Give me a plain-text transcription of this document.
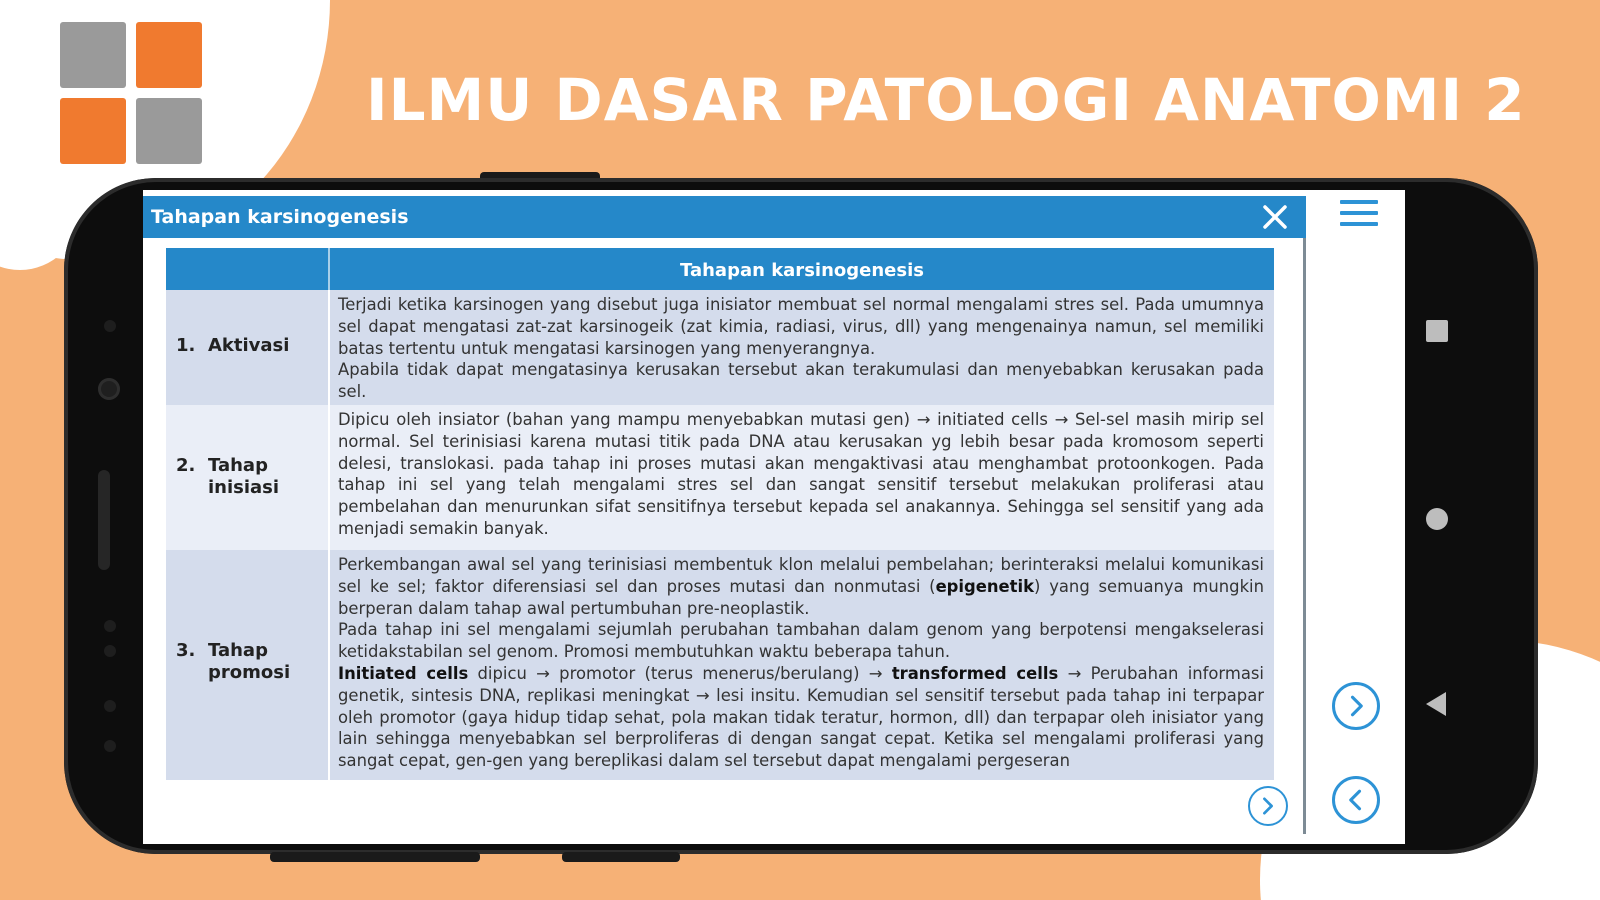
ILMU DASAR PATOLOGI ANATOMI 2
Tahapan karsinogenesis
Tahapan karsinogenesis
1. Aktivasi

Terjadi ketika karsinogen yang disebut juga inisiator membuat sel normal mengalami stres sel. Pada umumnya sel dapat mengatasi zat-zat karsinogeik (zat kimia, radiasi, virus, dll) yang mengenainya namun, sel memiliki batas tertentu untuk mengatasi karsinogen yang menyerangnya.

Apabila tidak dapat mengatasinya kerusakan tersebut akan terakumulasi dan menyebabkan kerusakan pada sel.

2. Tahap inisiasi

Dipicu oleh insiator (bahan yang mampu menyebabkan mutasi gen) → initiated cells → Sel-sel masih mirip sel normal. Sel terinisiasi karena mutasi titik pada DNA atau kerusakan yg lebih besar pada kromosom seperti delesi, translokasi. pada tahap ini proses mutasi akan mengaktivasi atau menghambat protoonkogen. Pada tahap ini sel yang telah mengalami stres sel dan sangat sensitif tersebut melakukan proliferasi atau pembelahan dan menurunkan sifat sensitifnya tersebut kepada sel anakannya. Sehingga sel sensitif yang ada menjadi semakin banyak.

3. Tahap promosi

Perkembangan awal sel yang terinisiasi membentuk klon melalui pembelahan; berinteraksi melalui komunikasi sel ke sel; faktor diferensiasi sel dan proses mutasi dan nonmutasi (epigenetik) yang semuanya mungkin berperan dalam tahap awal pertumbuhan pre-neoplastik.

Pada tahap ini sel mengalami sejumlah perubahan tambahan dalam genom yang berpotensi mengakselerasi ketidakstabilan sel genom. Promosi membutuhkan waktu beberapa tahun.

Initiated cells dipicu → promotor (terus menerus/berulang) → transformed cells → Perubahan informasi genetik, sintesis DNA, replikasi meningkat → lesi insitu. Kemudian sel sensitif tersebut pada tahap ini terpapar oleh promotor (gaya hidup tidap sehat, pola makan tidak teratur, hormon, dll) dan terpapar oleh inisiator yang lain sehingga menyebabkan sel berproliferas di dengan sangat cepat. Ketika sel mengalami proliferasi yang sangat cepat, gen-gen yang bereplikasi dalam sel tersebut dapat mengalami pergeseran
